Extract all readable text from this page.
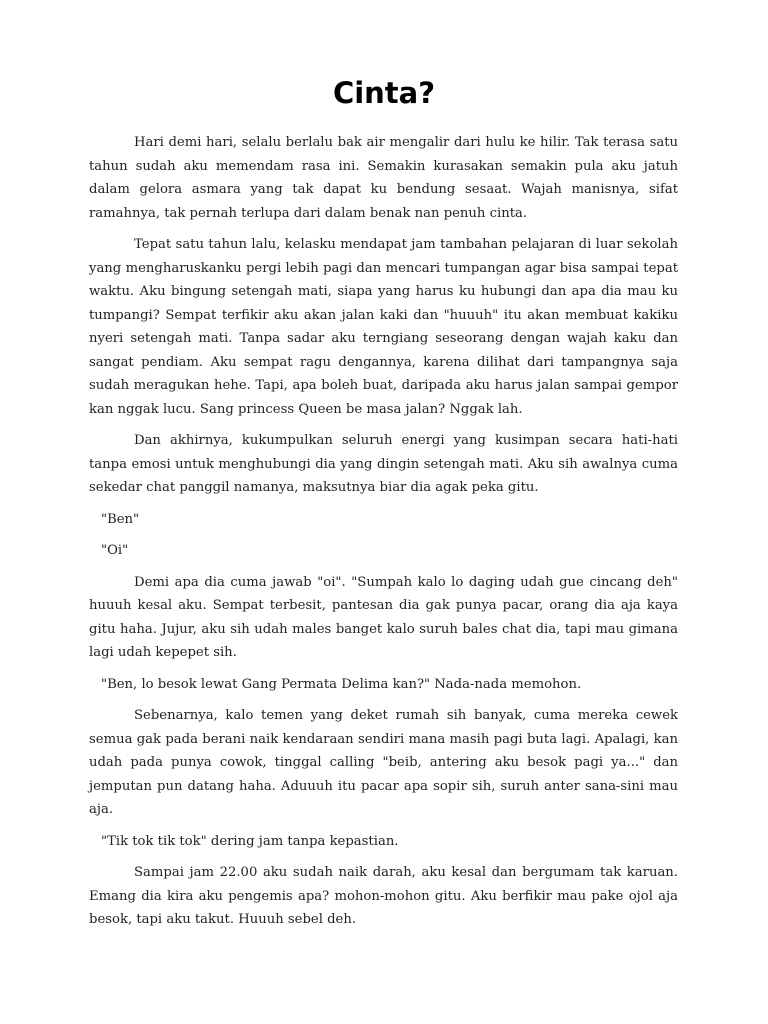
Cinta?

Hari demi hari, selalu berlalu bak air mengalir dari hulu ke hilir. Tak terasa satu tahun sudah aku memendam rasa ini. Semakin kurasakan semakin pula aku jatuh dalam gelora asmara yang tak dapat ku bendung sesaat. Wajah manisnya, sifat ramahnya, tak pernah terlupa dari dalam benak nan penuh cinta.

Tepat satu tahun lalu, kelasku mendapat jam tambahan pelajaran di luar sekolah yang mengharuskanku pergi lebih pagi dan mencari tumpangan agar bisa sampai tepat waktu. Aku bingung setengah mati, siapa yang harus ku hubungi dan apa dia mau ku tumpangi? Sempat terfikir aku akan jalan kaki dan "huuuh" itu akan membuat kakiku nyeri setengah mati. Tanpa sadar aku terngiang seseorang dengan wajah kaku dan sangat pendiam. Aku sempat ragu dengannya, karena dilihat dari tampangnya saja sudah meragukan hehe. Tapi, apa boleh buat, daripada aku harus jalan sampai gempor kan nggak lucu. Sang princess Queen be masa jalan? Nggak lah.

Dan akhirnya, kukumpulkan seluruh energi yang kusimpan secara hati-hati tanpa emosi untuk menghubungi dia yang dingin setengah mati. Aku sih awalnya cuma sekedar chat panggil namanya, maksutnya biar dia agak peka gitu.

"Ben"

"Oi"

Demi apa dia cuma jawab "oi". "Sumpah kalo lo daging udah gue cincang deh" huuuh kesal aku. Sempat terbesit, pantesan dia gak punya pacar, orang dia aja kaya gitu haha. Jujur, aku sih udah males banget kalo suruh bales chat dia, tapi mau gimana lagi udah kepepet sih.

"Ben, lo besok lewat Gang Permata Delima kan?" Nada-nada memohon.

Sebenarnya, kalo temen yang deket rumah sih banyak, cuma mereka cewek semua gak pada berani naik kendaraan sendiri mana masih pagi buta lagi. Apalagi, kan udah pada punya cowok, tinggal calling "beib, antering aku besok pagi ya..." dan jemputan pun datang haha. Aduuuh itu pacar apa sopir sih, suruh anter sana-sini mau aja.

"Tik tok tik tok" dering jam tanpa kepastian.

Sampai jam 22.00 aku sudah naik darah, aku kesal dan bergumam tak karuan. Emang dia kira aku pengemis apa? mohon-mohon gitu. Aku berfikir mau pake ojol aja besok, tapi aku takut. Huuuh sebel deh.
